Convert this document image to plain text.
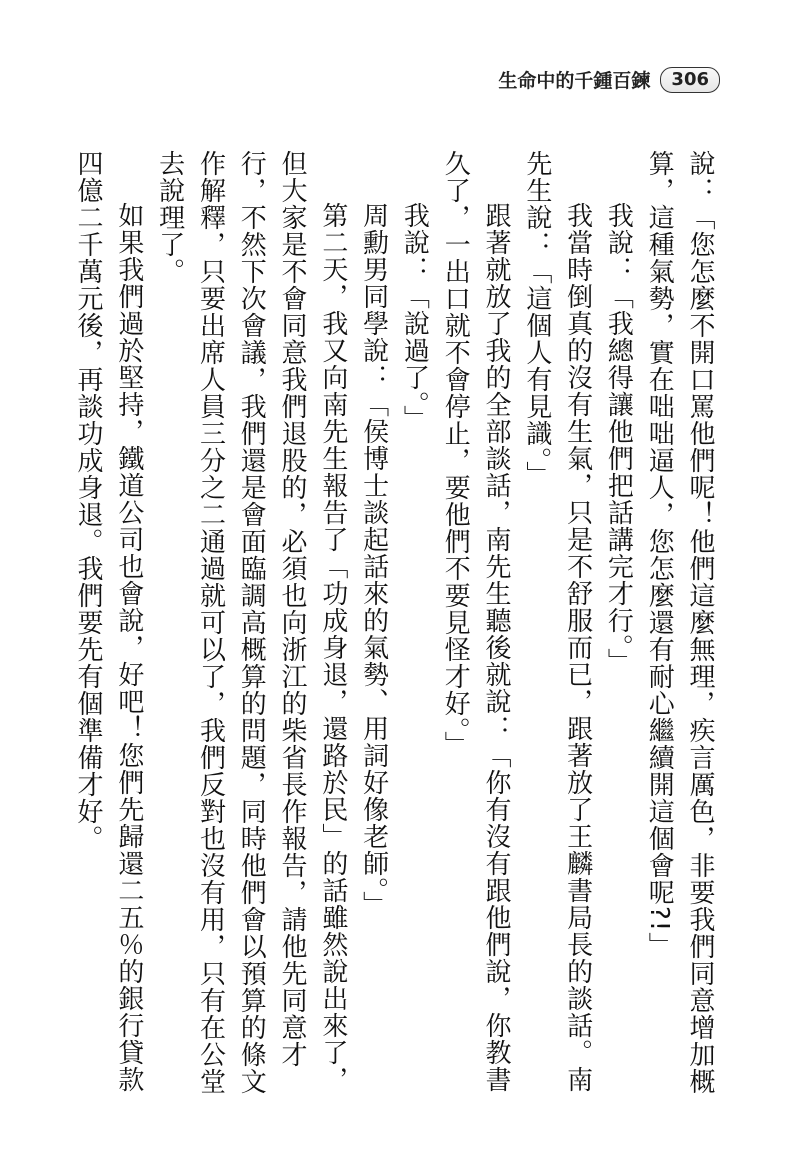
生命中的千鍾百鍊	306

說：「您怎麼不開口罵他們呢！他們這麼無理，疾言厲色，非要我們同意增加概算，這種氣勢，實在咄咄逼人，您怎麼還有耐心繼續開這個會呢?!」

我說：「我總得讓他們把話講完才行。」

我當時倒真的沒有生氣，只是不舒服而已，跟著放了王麟書局長的談話。南先生說：「這個人有見識。」

跟著就放了我的全部談話，南先生聽後就說：「你有沒有跟他們說，你教書久了，一出口就不會停止，要他們不要見怪才好。」

我說：「說過了。」

周勳男同學說：「侯博士談起話來的氣勢、用詞好像老師。」

第二天，我又向南先生報告了「功成身退，還路於民」的話雖然說出來了，但大家是不會同意我們退股的，必須也向浙江的柴省長作報告，請他先同意才行，不然下次會議，我們還是會面臨調高概算的問題，同時他們會以預算的條文作解釋，只要出席人員三分之二通過就可以了，我們反對也沒有用，只有在公堂去說理了。

如果我們過於堅持，鐵道公司也會說，好吧！您們先歸還二五％的銀行貸款四億二千萬元後，再談功成身退。我們要先有個準備才好。
